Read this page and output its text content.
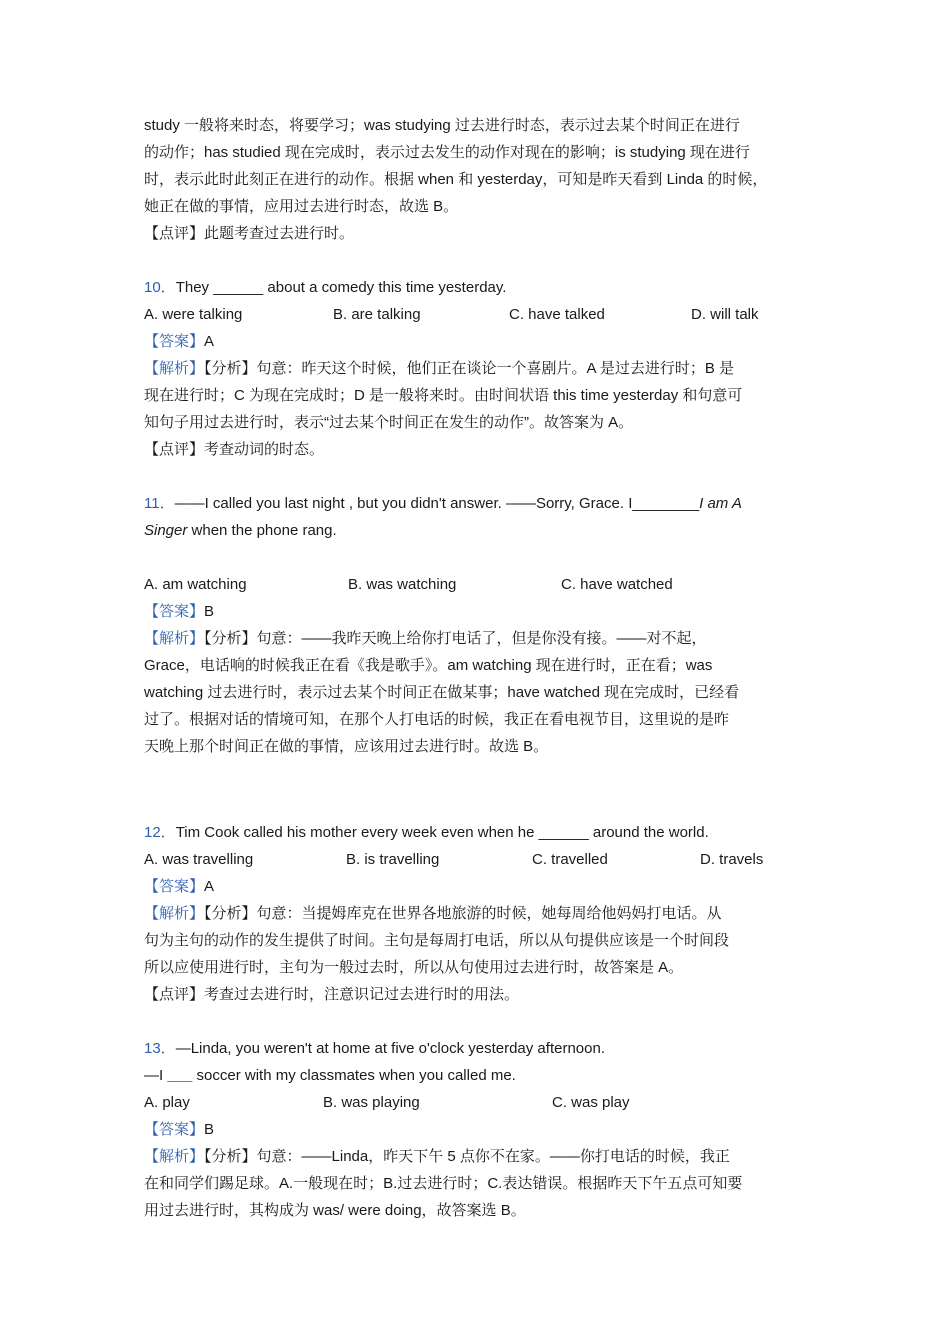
study 一般将来时态，将要学习；was studying 过去进行时态，表示过去某个时间正在进行
的动作；has studied 现在完成时，表示过去发生的动作对现在的影响；is studying 现在进行
时，表示此时此刻正在进行的动作。根据 when 和 yesterday，可知是昨天看到 Linda 的时候，
她正在做的事情，应用过去进行时态，故选 B。
【点评】此题考查过去进行时。
10．They ______ about a comedy this time yesterday.
A. were talking	B. are talking	C. have talked	D. will talk
【答案】A
【解析】【分析】句意：昨天这个时候，他们正在谈论一个喜剧片。A 是过去进行时；B 是
现在进行时；C 为现在完成时；D 是一般将来时。由时间状语 this time yesterday 和句意可
知句子用过去进行时，表示“过去某个时间正在发生的动作”。故答案为 A。
【点评】考查动词的时态。
11．——I called you last night , but you didn't answer. ——Sorry, Grace. I________I am A
Singer when the phone rang.
A. am watching	B. was watching	C. have watched
【答案】B
【解析】【分析】句意：——我昨天晚上给你打电话了，但是你没有接。——对不起，
Grace，电话响的时候我正在看《我是歌手》。am watching 现在进行时，正在看；was
watching 过去进行时，表示过去某个时间正在做某事；have watched 现在完成时，已经看
过了。根据对话的情境可知，在那个人打电话的时候，我正在看电视节目，这里说的是昨
天晚上那个时间正在做的事情，应该用过去进行时。故选 B。
12．Tim Cook called his mother every week even when he ______ around the world.
A. was travelling	B. is travelling	C. travelled	D. travels
【答案】A
【解析】【分析】句意：当提姆库克在世界各地旅游的时候，她每周给他妈妈打电话。从
句为主句的动作的发生提供了时间。主句是每周打电话，所以从句提供应该是一个时间段
所以应使用进行时，主句为一般过去时，所以从句使用过去进行时，故答案是 A。
【点评】考查过去进行时，注意识记过去进行时的用法。
13．—Linda, you weren't at home at five o'clock yesterday afternoon.
—I ___ soccer with my classmates when you called me.
A. play	B. was playing	C. was play
【答案】B
【解析】【分析】句意：——Linda，昨天下午 5 点你不在家。——你打电话的时候，我正
在和同学们踢足球。A.一般现在时；B.过去进行时；C.表达错误。根据昨天下午五点可知要
用过去进行时，其构成为 was/ were doing，故答案选 B。
